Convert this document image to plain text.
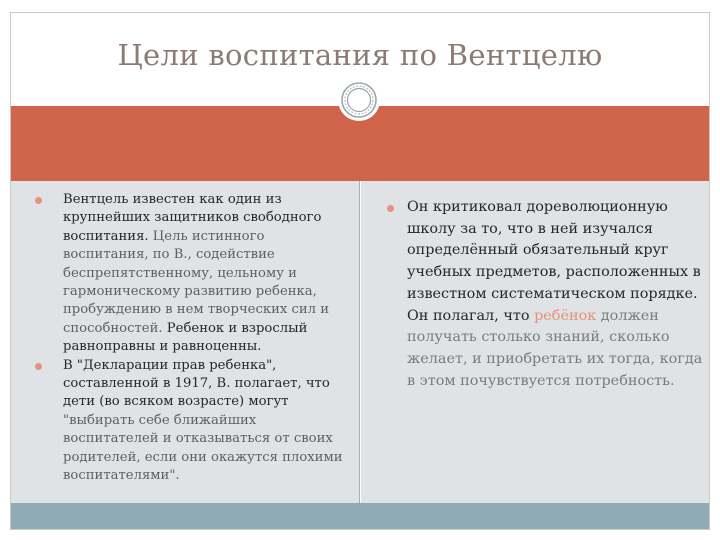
Цели воспитания по Вентцелю
Вентцель известен как один из крупнейших защитников свободного воспитания. Цель истинного воспитания, по В., содействие беспрепятственному, цельному и гармоническому развитию ребенка, пробуждению в нем творческих сил и способностей. Ребенок и взрослый равноправны и равноценны.
В "Декларации прав ребенка", составленной в 1917, В. полагает, что дети (во всяком возрасте) могут "выбирать себе ближайших воспитателей и отказываться от своих родителей, если они окажутся плохими воспитателями".
Он критиковал дореволюционную школу за то, что в ней изучался определённый обязательный круг учебных предметов, расположенных в известном систематическом порядке. Он полагал, что ребёнок должен получать столько знаний, сколько желает, и приобретать их тогда, когда в этом почувствуется потребность.
